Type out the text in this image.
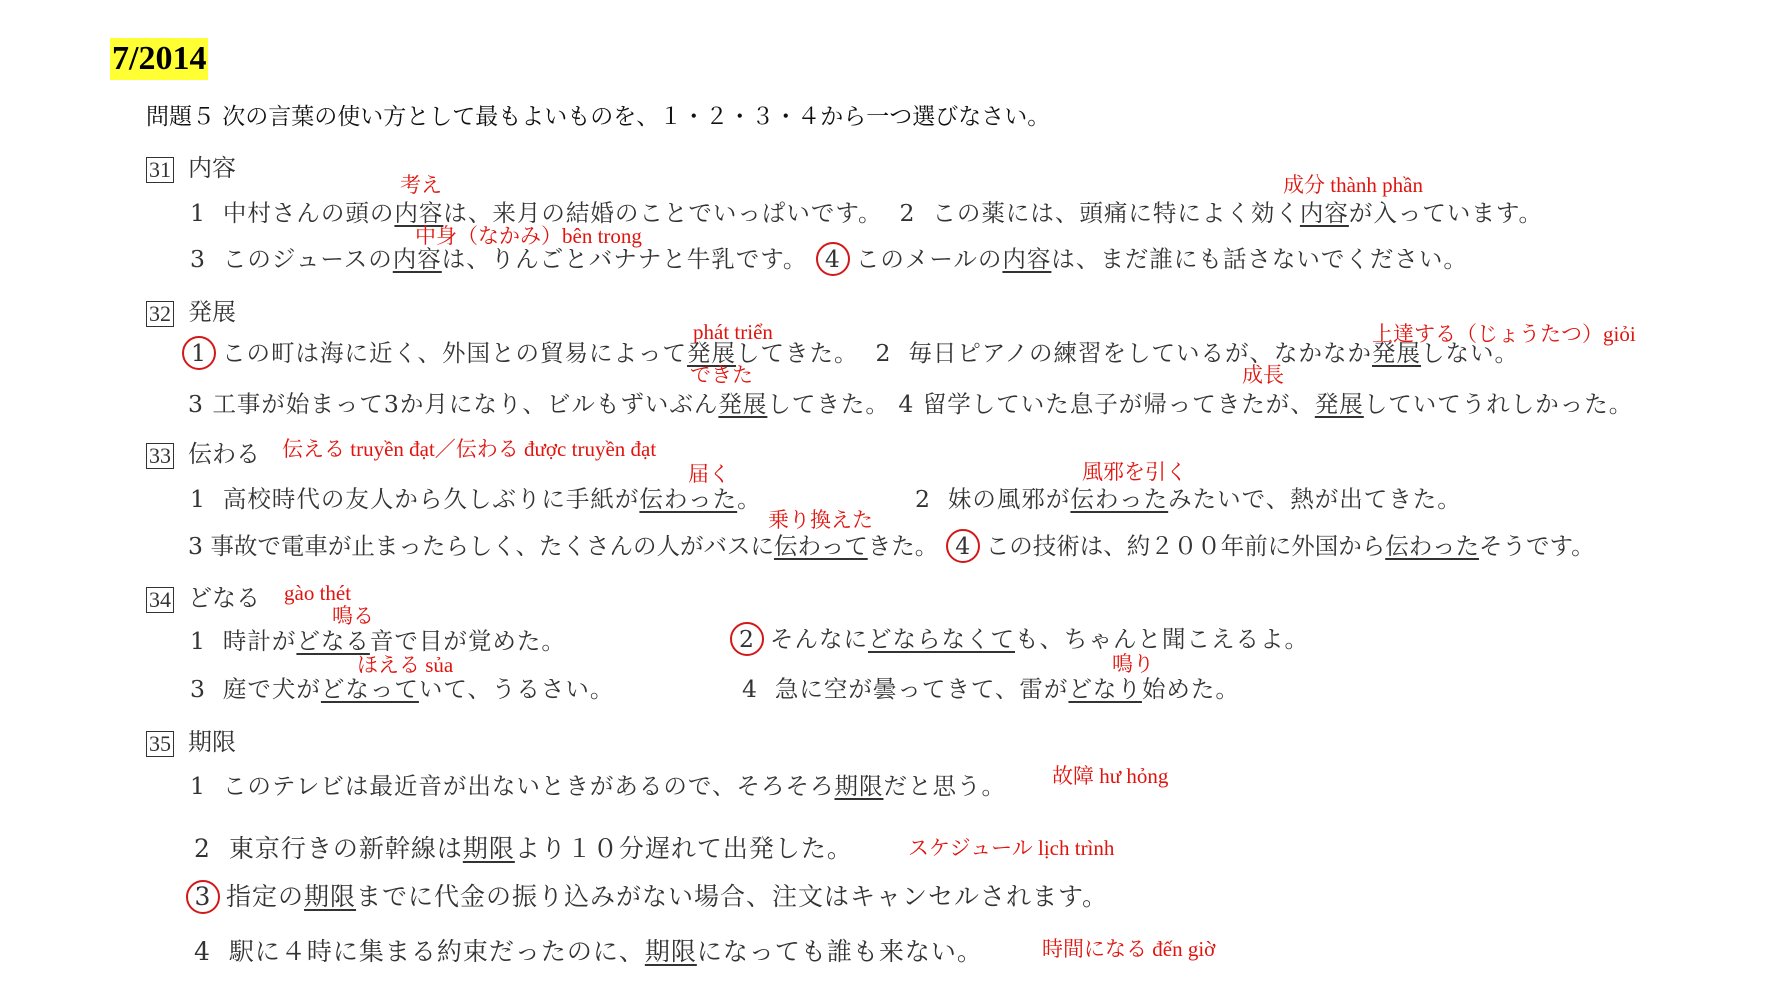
7/2014
問題５ 次の言葉の使い方として最もよいものを、１・２・３・４から一つ選びなさい。
31 内容
考え	成分 thành phần
1 中村さんの頭の内容は、来月の結婚のことでいっぱいです。 2 この薬には、頭痛に特によく効く内容が入っています。
中身（なかみ）bên trong
3 このジュースの内容は、りんごとバナナと牛乳です。 4 このメールの内容は、まだ誰にも話さないでください。
32 発展
phát triển	上達する（じょうたつ）giỏi
1 この町は海に近く、外国との貿易によって発展してきた。 2 毎日ピアノの練習をしているが、なかなか発展しない。
できた	成長
3 工事が始まって3か月になり、ビルもずいぶん発展してきた。 4 留学していた息子が帰ってきたが、発展していてうれしかった。
33 伝わる 伝える truyền đạt／伝わる được truyền đạt
届く	風邪を引く
1 高校時代の友人から久しぶりに手紙が伝わった。	2 妹の風邪が伝わったみたいで、熱が出てきた。
乗り換えた
3 事故で電車が止まったらしく、たくさんの人がバスに伝わってきた。 4 この技術は、約２００年前に外国から伝わったそうです。
34 どなる gào thét
鳴る
1 時計がどなる音で目が覚めた。	2 そんなにどならなくても、ちゃんと聞こえるよ。
ほえる sủa	鳴り
3 庭で犬がどなっていて、うるさい。	4 急に空が曇ってきて、雷がどなり始めた。
35 期限
1 このテレビは最近音が出ないときがあるので、そろそろ期限だと思う。 故障 hư hỏng
2 東京行きの新幹線は期限より１０分遅れて出発した。	スケジュール lịch trình
3 指定の期限までに代金の振り込みがない場合、注文はキャンセルされます。
4 駅に４時に集まる約束だったのに、期限になっても誰も来ない。	時間になる đến giờ
